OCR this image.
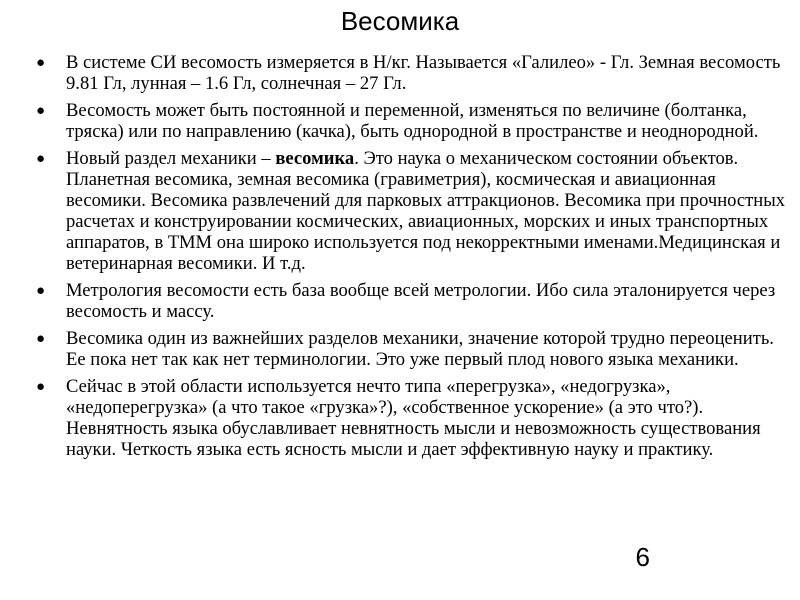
Весомика
●	В системе СИ весомость измеряется в Н/кг. Называется «Галилео» - Гл. Земная весомость 9.81 Гл, лунная – 1.6 Гл, солнечная – 27 Гл.
●	Весомость может быть постоянной и переменной, изменяться по величине (болтанка, тряска) или по направлению (качка), быть однородной в пространстве и неоднородной.
●	Новый раздел механики – весомика. Это наука о механическом состоянии объектов. Планетная весомика, земная весомика (гравиметрия), космическая и авиационная весомики. Весомика развлечений для парковых аттракционов. Весомика при прочностных расчетах и конструировании космических, авиационных, морских и иных транспортных аппаратов, в ТММ она широко используется под некорректными именами.Медицинская и ветеринарная весомики. И т.д.
●	Метрология весомости есть база вообще всей метрологии. Ибо сила эталонируется через весомость и массу.
●	Весомика один из важнейших разделов механики, значение которой трудно переоценить. Ее пока нет так как нет терминологии. Это уже первый плод нового языка механики.
●	Сейчас в этой области используется нечто типа «перегрузка», «недогрузка», «недоперегрузка» (а что такое «грузка»?), «собственное ускорение» (а это что?). Невнятность языка обуславливает невнятность мысли и невозможность существования науки. Четкость языка есть ясность мысли и дает эффективную науку и практику.
6
